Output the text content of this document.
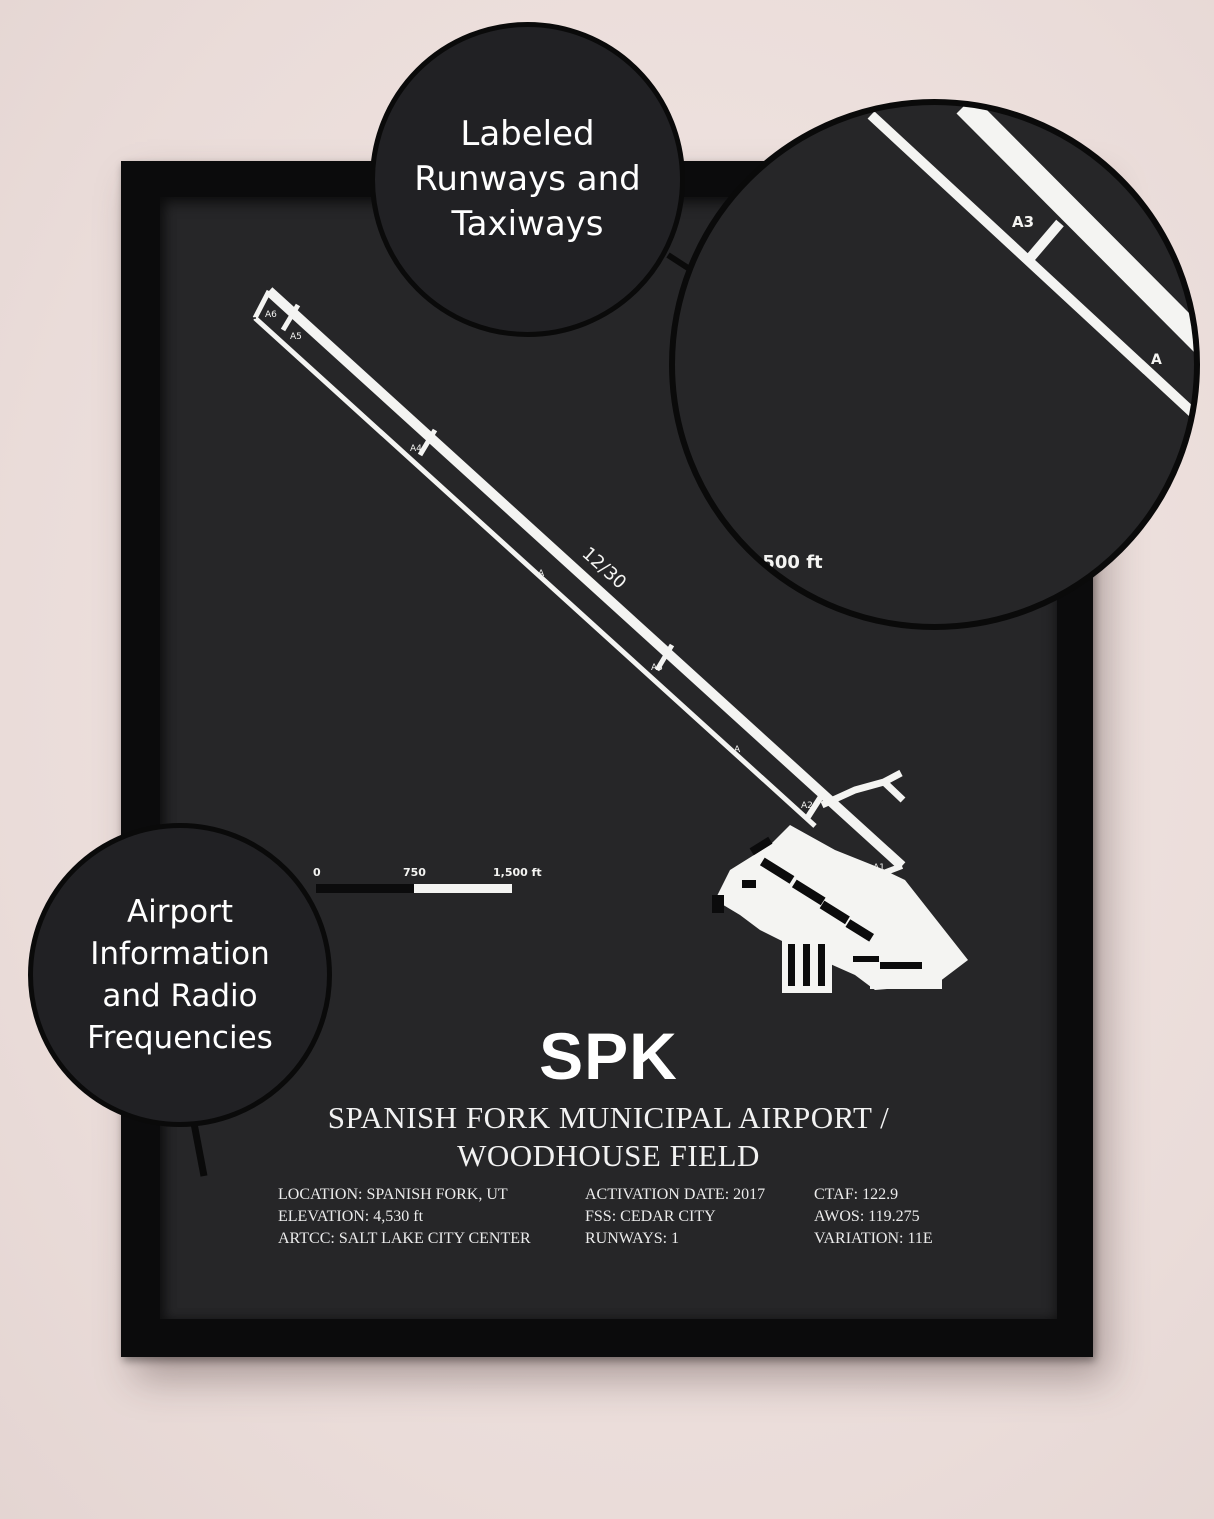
A6
A5
A4
A
A3
A
A2
A1
12/30
0	750	1,500 ft
SPK
SPANISH FORK MUNICIPAL AIRPORT /
WOODHOUSE FIELD
LOCATION: SPANISH FORK, UT
ELEVATION: 4,530 ft
ARTCC: SALT LAKE CITY CENTER
ACTIVATION DATE: 2017
FSS: CEDAR CITY
RUNWAYS: 1
CTAF: 122.9
AWOS: 119.275
VARIATION: 11E
A3
A
1,500 ft
Labeled
Runways and
Taxiways
Airport
Information
and Radio
Frequencies
